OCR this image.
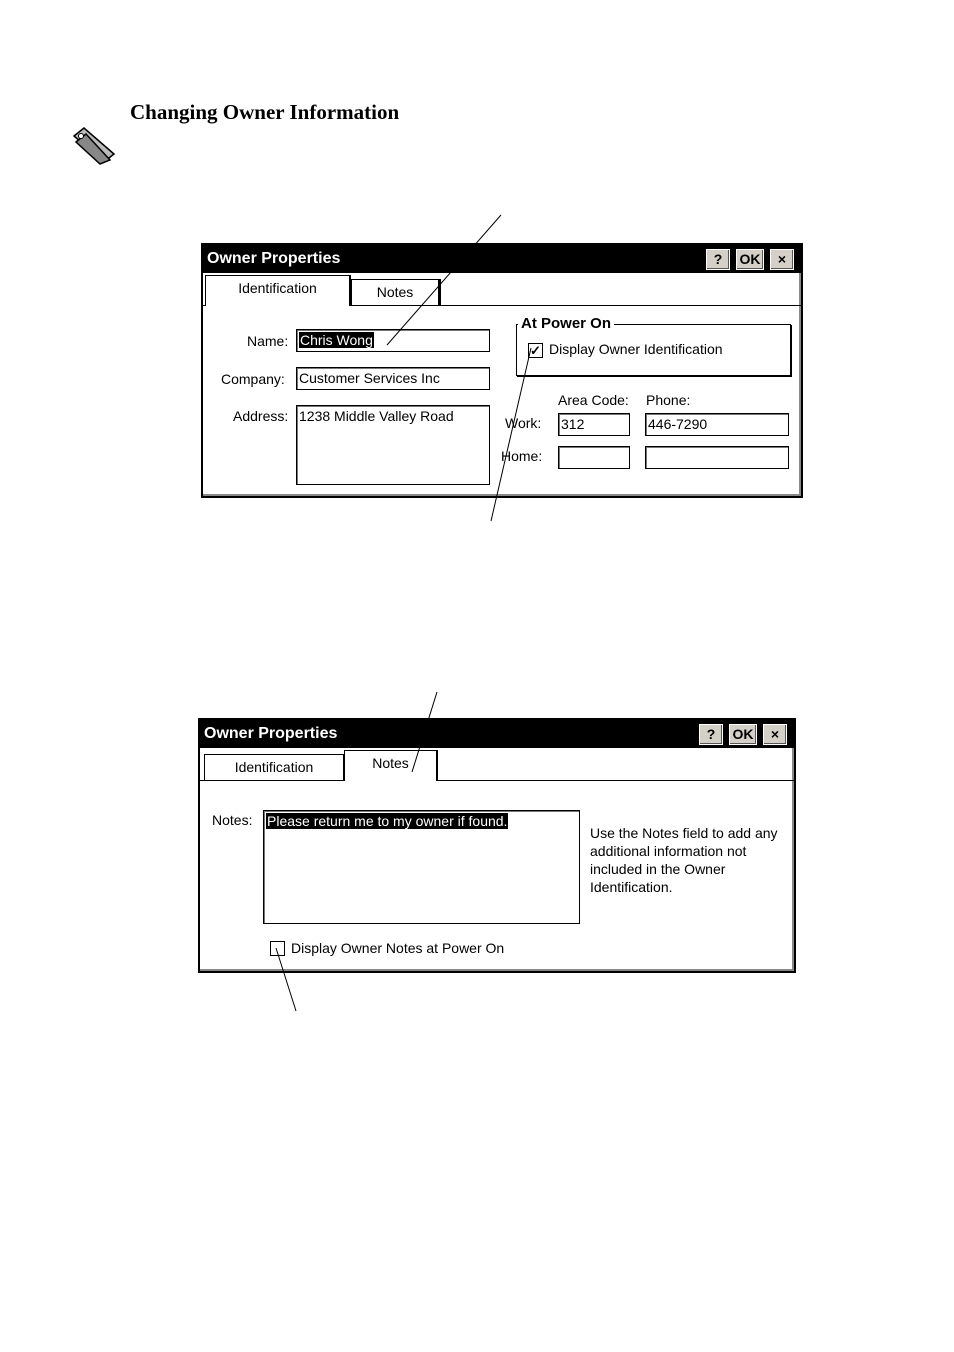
Changing Owner Information
Owner Properties	?	OK	×
Identification	Notes
Name: Chris Wong
Company: Customer Services Inc
Address: 1238 Middle Valley Road
At Power On
✓ Display Owner Identification
Area Code: Phone:
Work: 312	446-7290
Home:
Owner Properties	?	OK	×
Identification	Notes
Notes: Please return me to my owner if found.
Use the Notes field to add any additional information not included in the Owner Identification.
Display Owner Notes at Power On
